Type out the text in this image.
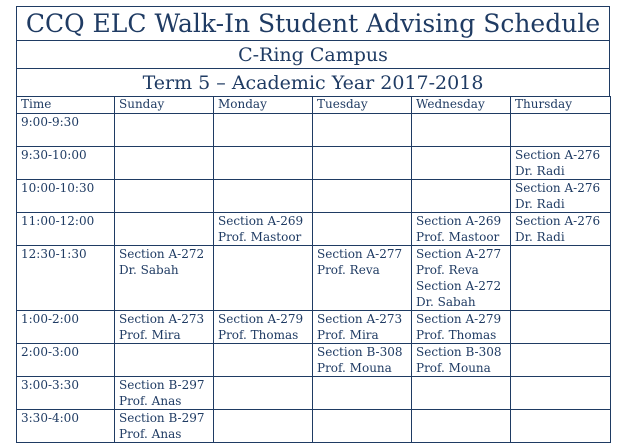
CCQ ELC Walk-In Student Advising Schedule
C-Ring Campus
Term 5 – Academic Year 2017-2018
Time	Sunday	Monday	Tuesday	Wednesday	Thursday
9:00-9:30					
9:30-10:00					Section A-276
Dr. Radi

10:00-10:30					Section A-276
Dr. Radi

11:00-12:00		Section A-269
Prof. Mastoor		Section A-269
Prof. Mastoor	Section A-276
Dr. Radi

12:30-1:30	Section A-272
Dr. Sabah		Section A-277
Prof. Reva	Section A-277
Prof. Reva
Section A-272
Dr. Sabah	

1:00-2:00	Section A-273
Prof. Mira	Section A-279
Prof. Thomas	Section A-273
Prof. Mira	Section A-279
Prof. Thomas	

2:00-3:00			Section B-308
Prof. Mouna	Section B-308
Prof. Mouna	

3:00-3:30	Section B-297
Prof. Anas				

3:30-4:00	Section B-297
Prof. Anas				
